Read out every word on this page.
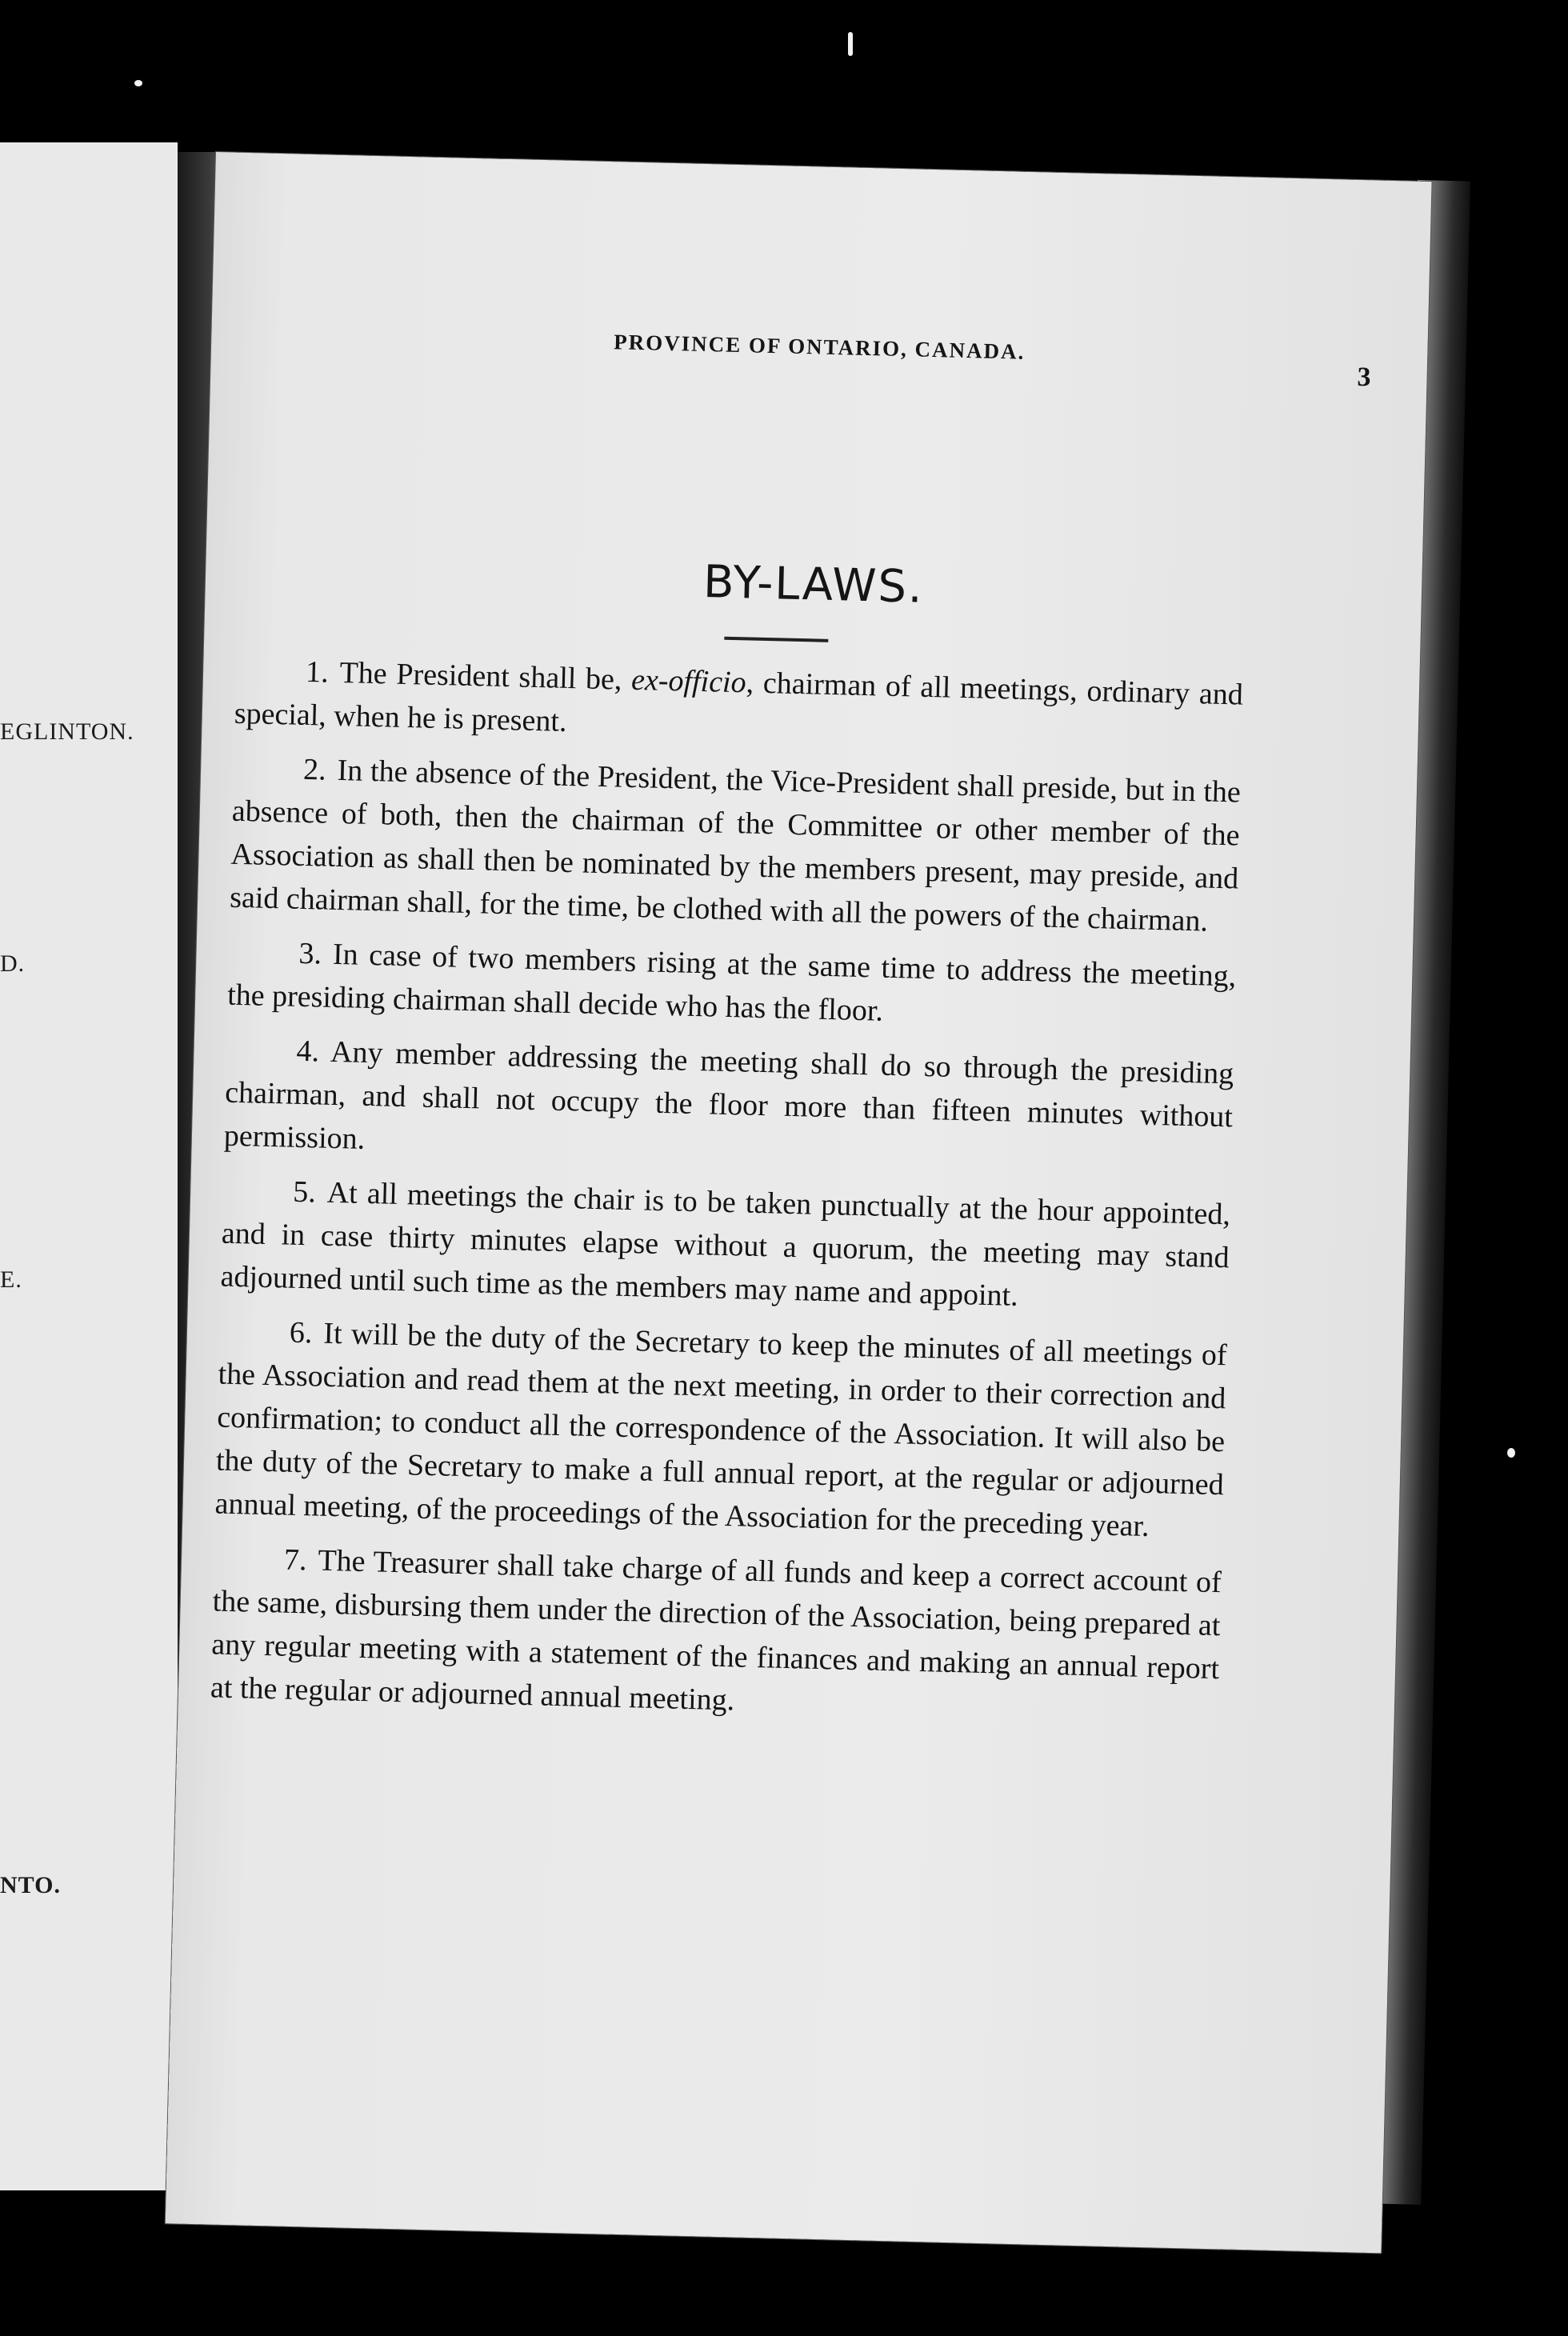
EGLINTON.
D.
E.
NTO.
PROVINCE OF ONTARIO, CANADA.
3
BY-LAWS.

1. The President shall be, ex-officio, chairman of all meetings, ordinary and special, when he is present.

2. In the absence of the President, the Vice-President shall preside, but in the absence of both, then the chairman of the Committee or other member of the Association as shall then be nominated by the members present, may preside, and said chairman shall, for the time, be clothed with all the powers of the chairman.

3. In case of two members rising at the same time to address the meeting, the presiding chairman shall decide who has the floor.

4. Any member addressing the meeting shall do so through the presiding chairman, and shall not occupy the floor more than fifteen minutes without permission.

5. At all meetings the chair is to be taken punctually at the hour appointed, and in case thirty minutes elapse without a quorum, the meeting may stand adjourned until such time as the members may name and appoint.

6. It will be the duty of the Secretary to keep the minutes of all meetings of the Association and read them at the next meeting, in order to their correction and confirmation; to conduct all the correspondence of the Association. It will also be the duty of the Secretary to make a full annual report, at the regular or adjourned annual meeting, of the proceedings of the Association for the preceding year.

7. The Treasurer shall take charge of all funds and keep a correct account of the same, disbursing them under the direction of the Association, being prepared at any regular meeting with a statement of the finances and making an annual report at the regular or adjourned annual meeting.
